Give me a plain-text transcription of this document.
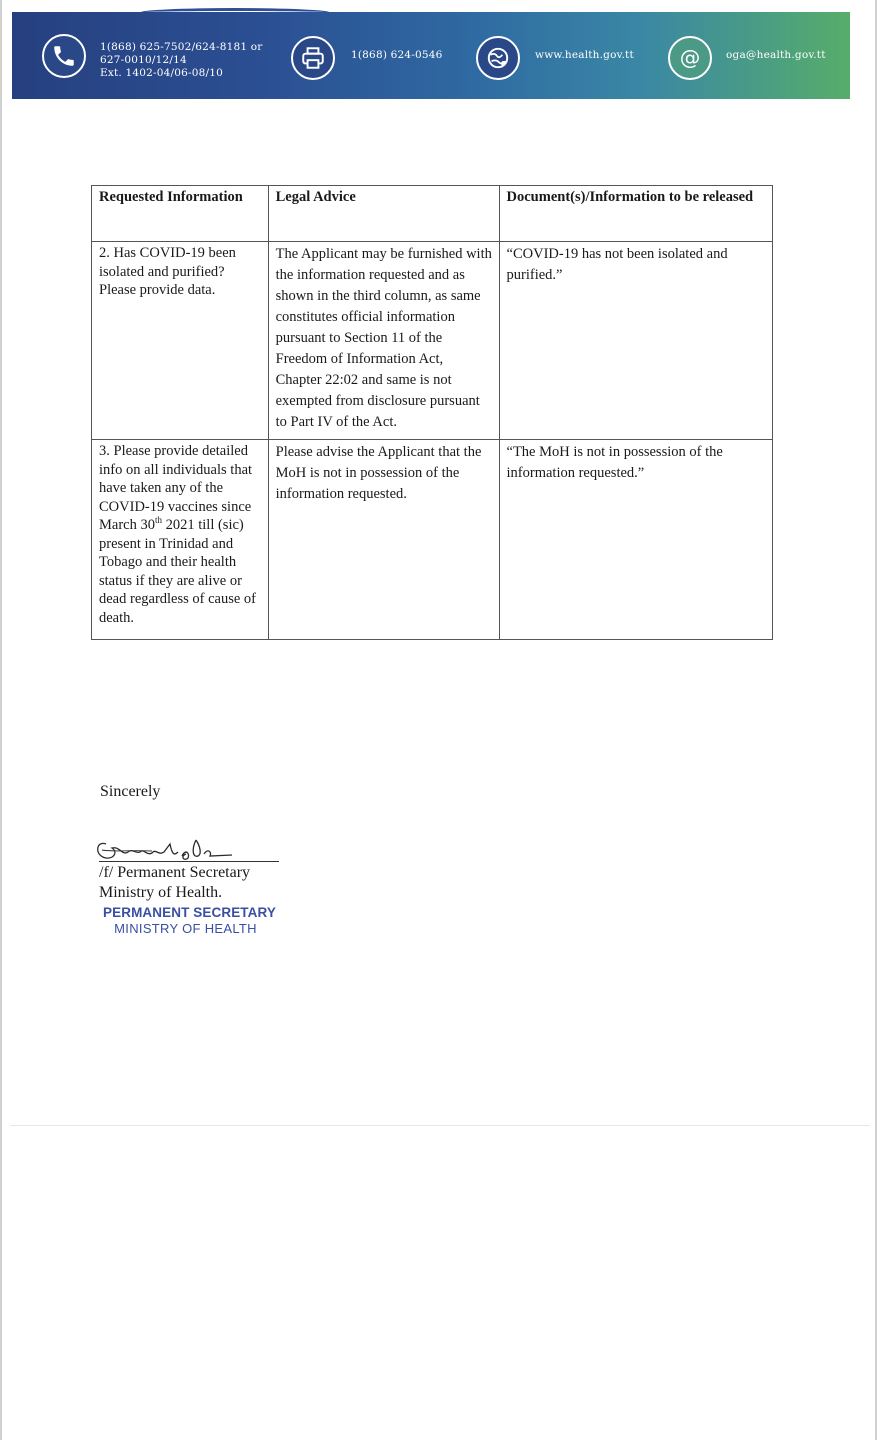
1(868) 625-7502/624-8181 or
627-0010/12/14
Ext. 1402-04/06-08/10
1(868) 624-0546	www.health.gov.tt @ oga@health.gov.tt
Requested Information	Legal Advice	Document(s)/Information to be released
2. Has COVID-19 been isolated and purified? Please provide data.	The Applicant may be furnished with the information requested and as shown in the third column, as same constitutes official information pursuant to Section 11 of the Freedom of Information Act, Chapter 22:02 and same is not exempted from disclosure pursuant to Part IV of the Act.	“COVID-19 has not been isolated and purified.”
3. Please provide detailed info on all individuals that have taken any of the COVID-19 vaccines since March 30th 2021 till (sic) present in Trinidad and Tobago and their health status if they are alive or dead regardless of cause of death.	Please advise the Applicant that the MoH is not in possession of the information requested.	“The MoH is not in possession of the information requested.”
Sincerely
/f/ Permanent Secretary
Ministry of Health.
PERMANENT SECRETARY
MINISTRY OF HEALTH
